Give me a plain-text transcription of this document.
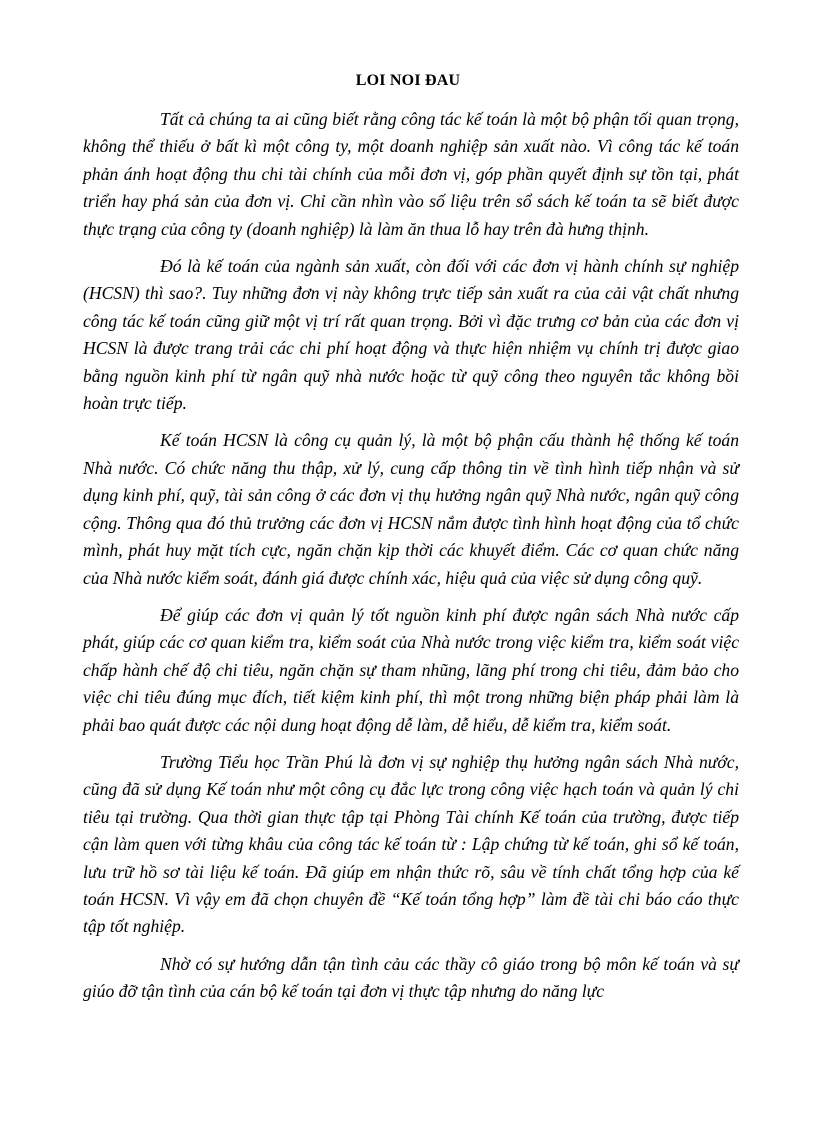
LOI NOI ĐAU

Tất cả chúng ta ai cũng biết rằng công tác kế toán là một bộ phận tối quan trọng, không thể thiếu ở bất kì một công ty, một doanh nghiệp sản xuất nào. Vì công tác kế toán phản ánh hoạt động thu chi tài chính của mỗi đơn vị, góp phần quyết định sự tồn tại, phát triển hay phá sản của đơn vị. Chỉ cần nhìn vào số liệu trên sổ sách kế toán ta sẽ biết được thực trạng của công ty (doanh nghiệp) là làm ăn thua lỗ hay trên đà hưng thịnh.

Đó là kế toán của ngành sản xuất, còn đối với các đơn vị hành chính sự nghiệp (HCSN) thì sao?. Tuy những đơn vị này không trực tiếp sản xuất ra của cải vật chất nhưng công tác kế toán cũng giữ một vị trí rất quan trọng. Bởi vì đặc trưng cơ bản của các đơn vị HCSN là được trang trải các chi phí hoạt động và thực hiện nhiệm vụ chính trị được giao bằng nguồn kinh phí từ ngân quỹ nhà nước hoặc từ quỹ công theo nguyên tắc không bồi hoàn trực tiếp.

Kế toán HCSN là công cụ quản lý, là một bộ phận cấu thành hệ thống kế toán Nhà nước. Có chức năng thu thập, xử lý, cung cấp thông tin về tình hình tiếp nhận và sử dụng kinh phí, quỹ, tài sản công ở các đơn vị thụ hưởng ngân quỹ Nhà nước, ngân quỹ công cộng. Thông qua đó thủ trưởng các đơn vị HCSN nắm được tình hình hoạt động của tổ chức mình, phát huy mặt tích cực, ngăn chặn kịp thời các khuyết điểm. Các cơ quan chức năng của Nhà nước kiểm soát, đánh giá được chính xác, hiệu quả của việc sử dụng công quỹ.

Để giúp các đơn vị quản lý tốt nguồn kinh phí được ngân sách Nhà nước cấp phát, giúp các cơ quan kiểm tra, kiểm soát của Nhà nước trong việc kiểm tra, kiểm soát việc chấp hành chế độ chi tiêu, ngăn chặn sự tham nhũng, lãng phí trong chi tiêu, đảm bảo cho việc chi tiêu đúng mục đích, tiết kiệm kinh phí, thì một trong những biện pháp phải làm là phải bao quát được các nội dung hoạt động dễ làm, dễ hiểu, dễ kiểm tra, kiểm soát.

Trường Tiểu học Trần Phú là đơn vị sự nghiệp thụ hưởng ngân sách Nhà nước, cũng đã sử dụng Kế toán như một công cụ đắc lực trong công việc hạch toán và quản lý chi tiêu tại trường. Qua thời gian thực tập tại Phòng Tài chính Kế toán của trường, được tiếp cận làm quen với từng khâu của công tác kế toán từ : Lập chứng từ kế toán, ghi sổ kế toán, lưu trữ hồ sơ tài liệu kế toán. Đã giúp em nhận thức rõ, sâu về tính chất tổng hợp của kế toán HCSN. Vì vậy em đã chọn chuyên đề “Kế toán tổng hợp” làm đề tài chi báo cáo thực tập tốt nghiệp.

Nhờ có sự hướng dẫn tận tình cảu các thầy cô giáo trong bộ môn kế toán và sự giúo đỡ tận tình của cán bộ kế toán tại đơn vị thực tập nhưng do năng lực
